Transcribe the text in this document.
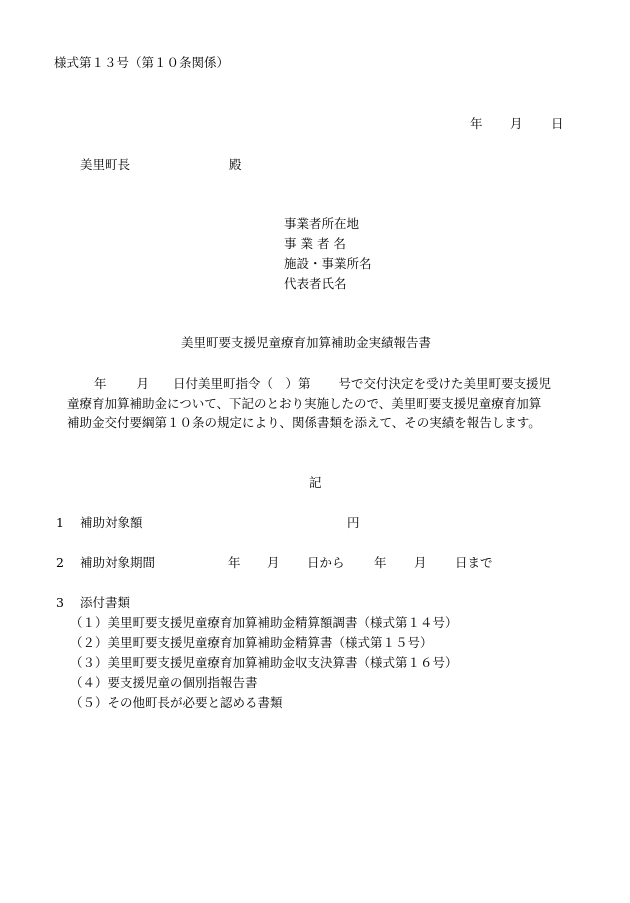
様式第１３号（第１０条関係）
年 月 日
美里町長	殿
事業者所在地
事 業 者 名
施設・事業所名
代表者氏名
美里町要支援児童療育加算補助金実績報告書
年 月 日付美里町指令（　）第 号で交付決定を受けた美里町要支援児
童療育加算補助金について、下記のとおり実施したので、美里町要支援児童療育加算
補助金交付要綱第１０条の規定により、関係書類を添えて、その実績を報告します。
記
1 補助対象額	円
2 補助対象期間	年 月 日から 年 月 日まで
3 添付書類
（１）美里町要支援児童療育加算補助金精算額調書（様式第１４号）
（２）美里町要支援児童療育加算補助金精算書（様式第１５号）
（３）美里町要支援児童療育加算補助金収支決算書（様式第１６号）
（４）要支援児童の個別指報告書
（５）その他町長が必要と認める書類
